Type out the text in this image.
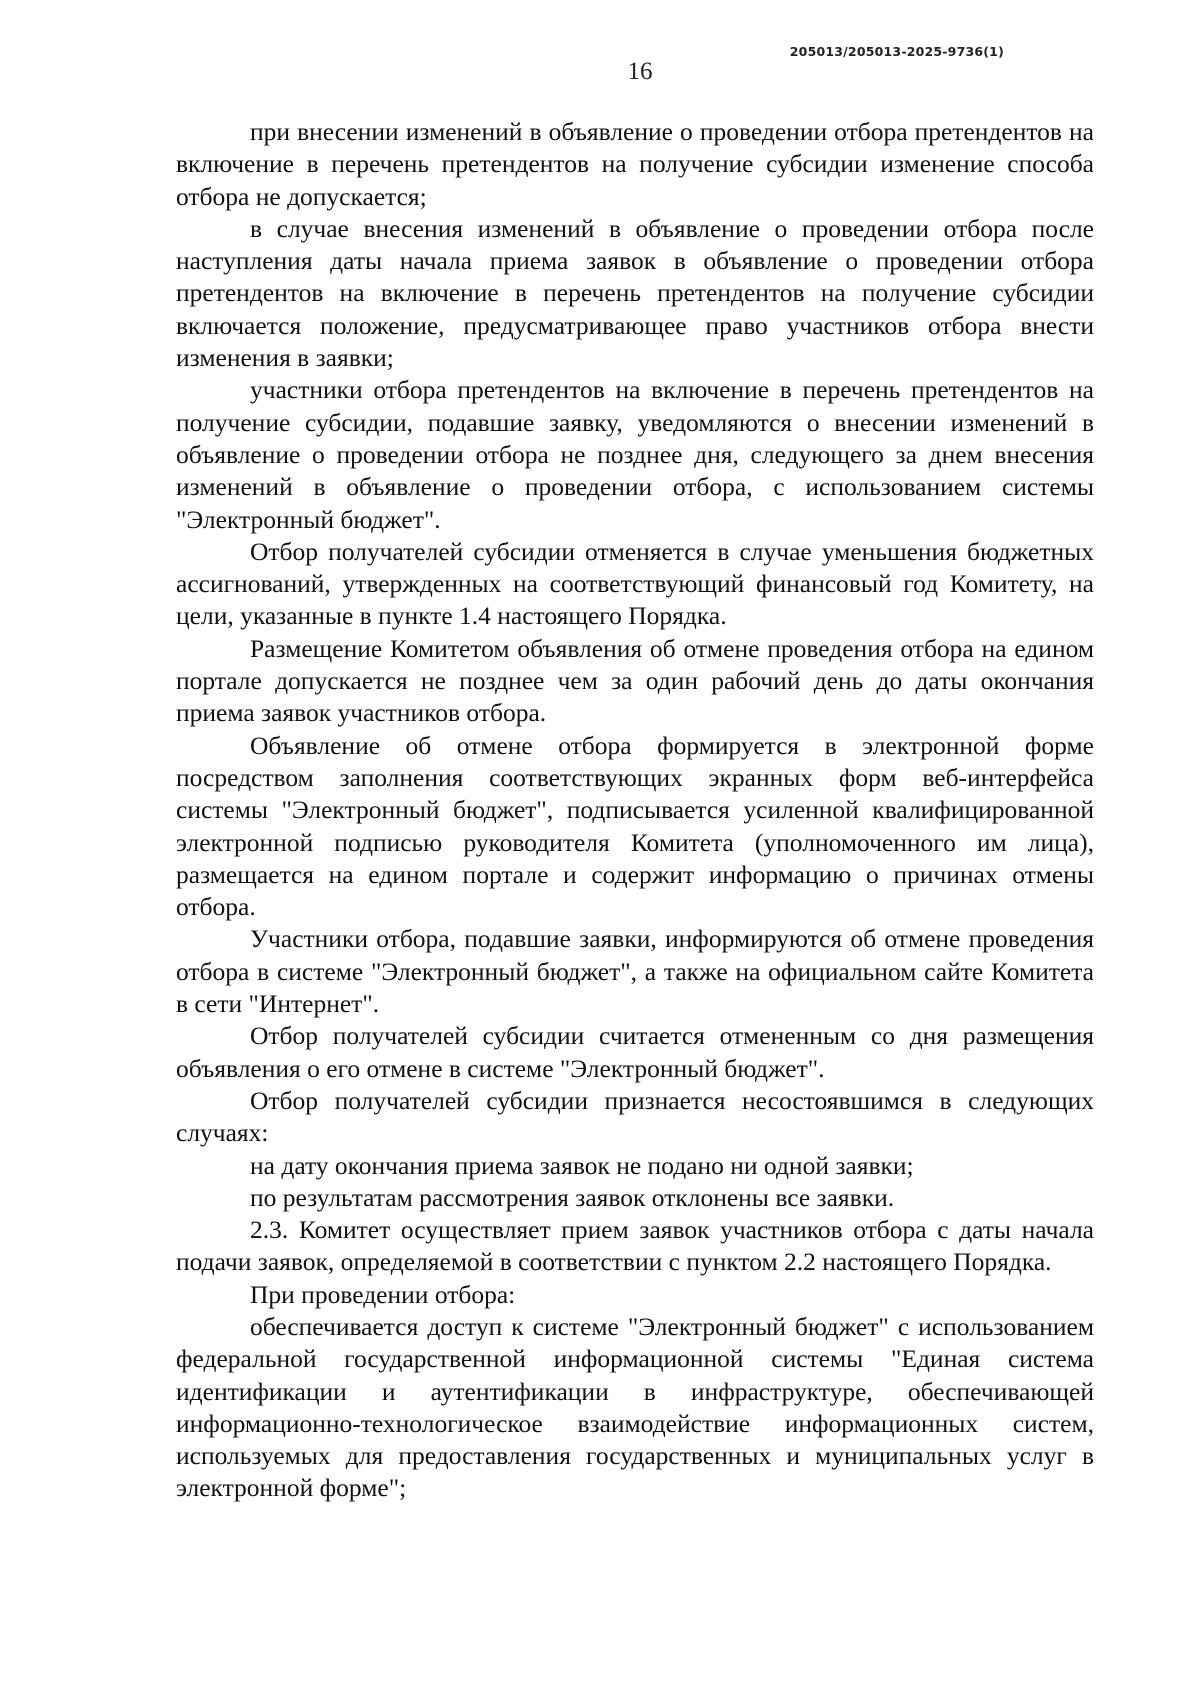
205013/205013-2025-9736(1)
16

при внесении изменений в объявление о проведении отбора претендентов на включение в перечень претендентов на получение субсидии изменение способа отбора не допускается;

в случае внесения изменений в объявление о проведении отбора после наступления даты начала приема заявок в объявление о проведении отбора претендентов на включение в перечень претендентов на получение субсидии включается положение, предусматривающее право участников отбора внести изменения в заявки;

участники отбора претендентов на включение в перечень претендентов на получение субсидии, подавшие заявку, уведомляются о внесении изменений в объявление о проведении отбора не позднее дня, следующего за днем внесения изменений в объявление о проведении отбора, с использованием системы "Электронный бюджет".

Отбор получателей субсидии отменяется в случае уменьшения бюджетных ассигнований, утвержденных на соответствующий финансовый год Комитету, на цели, указанные в пункте 1.4 настоящего Порядка.

Размещение Комитетом объявления об отмене проведения отбора на едином портале допускается не позднее чем за один рабочий день до даты окончания приема заявок участников отбора.

Объявление об отмене отбора формируется в электронной форме посредством заполнения соответствующих экранных форм веб-интерфейса системы "Электронный бюджет", подписывается усиленной квалифицированной электронной подписью руководителя Комитета (уполномоченного им лица), размещается на едином портале и содержит информацию о причинах отмены отбора.

Участники отбора, подавшие заявки, информируются об отмене проведения отбора в системе "Электронный бюджет", а также на официальном сайте Комитета в сети "Интернет".

Отбор получателей субсидии считается отмененным со дня размещения объявления о его отмене в системе "Электронный бюджет".

Отбор получателей субсидии признается несостоявшимся в следующих случаях:

на дату окончания приема заявок не подано ни одной заявки;

по результатам рассмотрения заявок отклонены все заявки.

2.3. Комитет осуществляет прием заявок участников отбора с даты начала подачи заявок, определяемой в соответствии с пунктом 2.2 настоящего Порядка.

При проведении отбора:

обеспечивается доступ к системе "Электронный бюджет" с использованием федеральной государственной информационной системы "Единая система идентификации и аутентификации в инфраструктуре, обеспечивающей информационно-технологическое взаимодействие информационных систем, используемых для предоставления государственных и муниципальных услуг в электронной форме";
